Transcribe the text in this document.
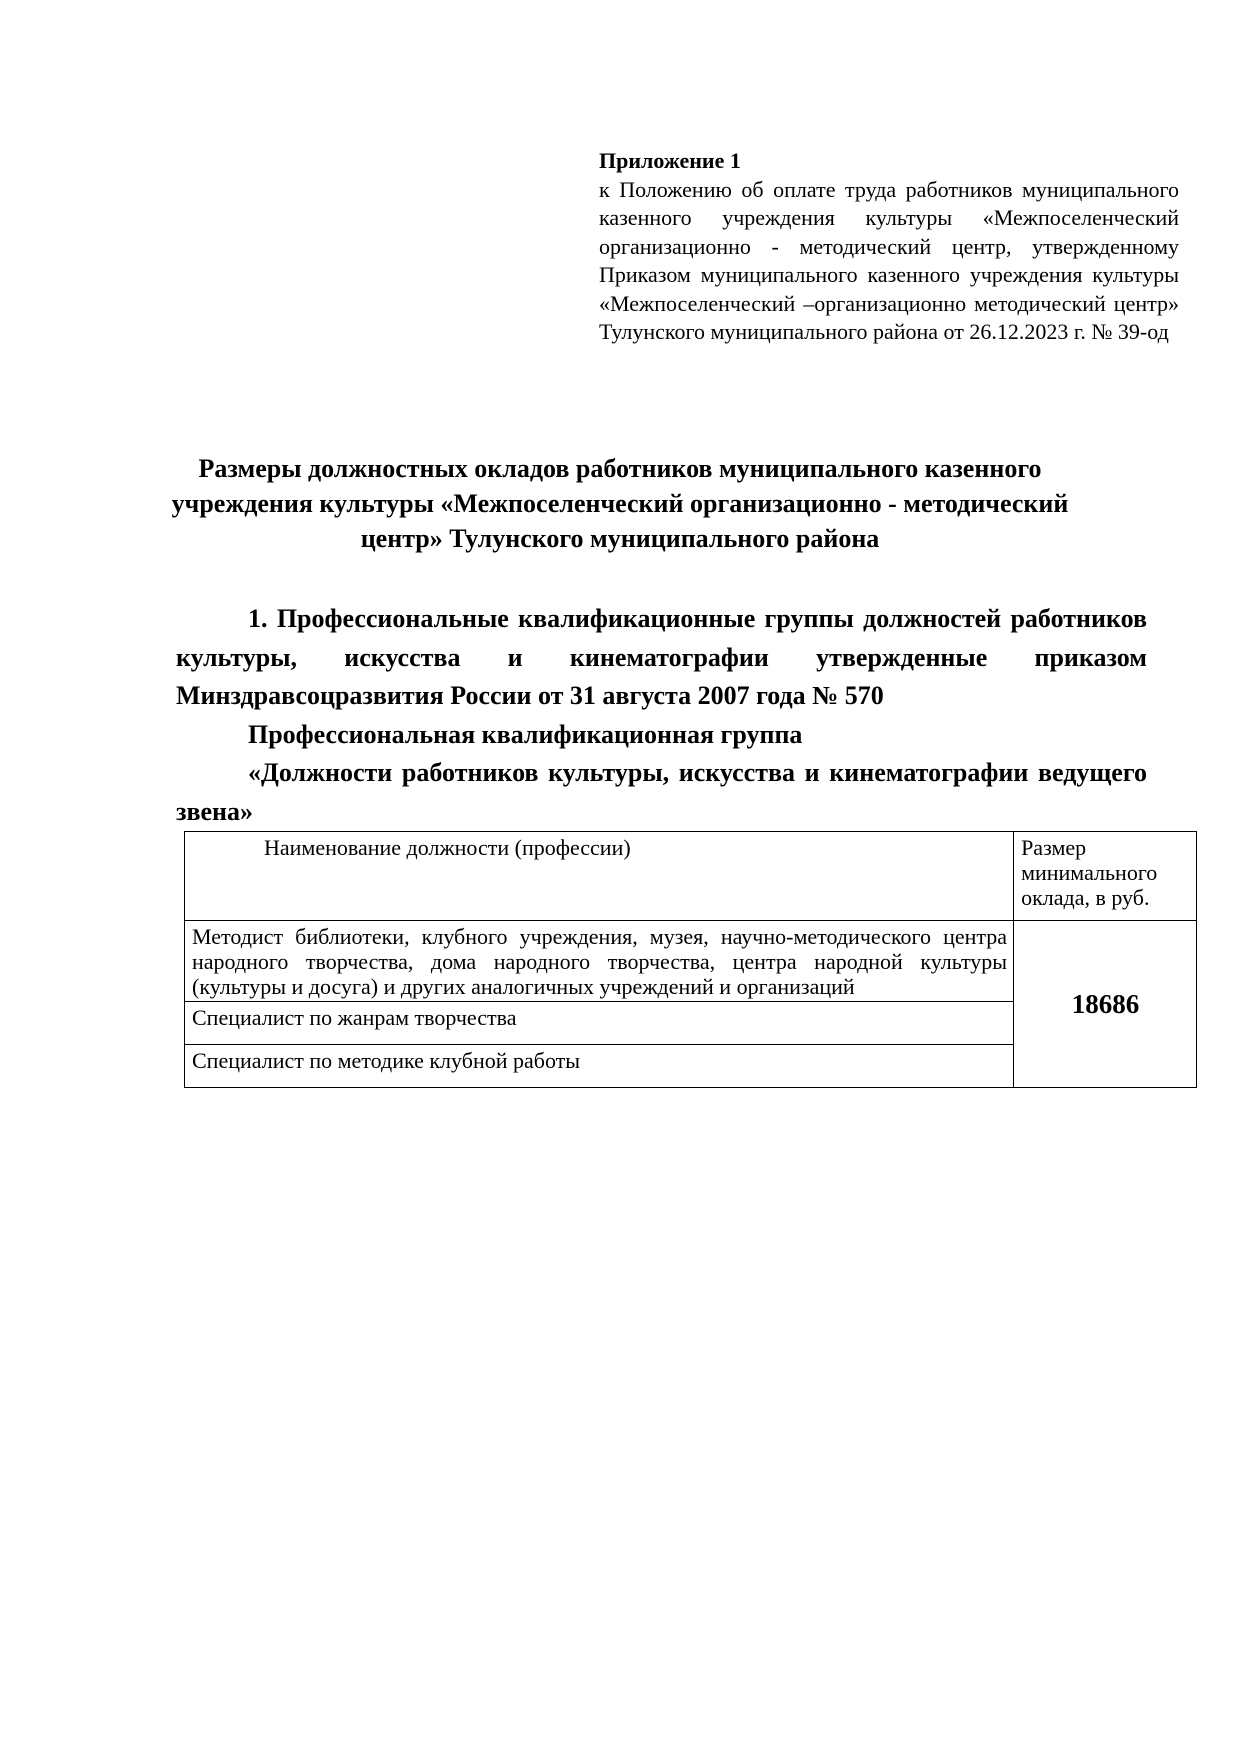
Приложение 1
к Положению об оплате труда работников муниципального казенного учреждения культуры «Межпоселенческий организационно - методический центр, утвержденному Приказом муниципального казенного учреждения культуры «Межпоселенческий –организационно методический центр» Тулунского муниципального района от 26.12.2023 г. № 39-од
Размеры должностных окладов работников муниципального казенного учреждения культуры «Межпоселенческий организационно - методический центр» Тулунского муниципального района

1. Профессиональные квалификационные группы должностей работников культуры, искусства и кинематографии утвержденные приказом Минздравсоцразвития России от 31 августа 2007 года № 570

Профессиональная квалификационная группа

«Должности работников культуры, искусства и кинематографии ведущего звена»

Наименование должности (профессии)	Размер минимального оклада, в руб.
Методист библиотеки, клубного учреждения, музея, научно-методического центра народного творчества, дома народного творчества, центра народной культуры (культуры и досуга) и других аналогичных учреждений и организаций	18686
Специалист по жанрам творчества	
Специалист по методике клубной работы	
